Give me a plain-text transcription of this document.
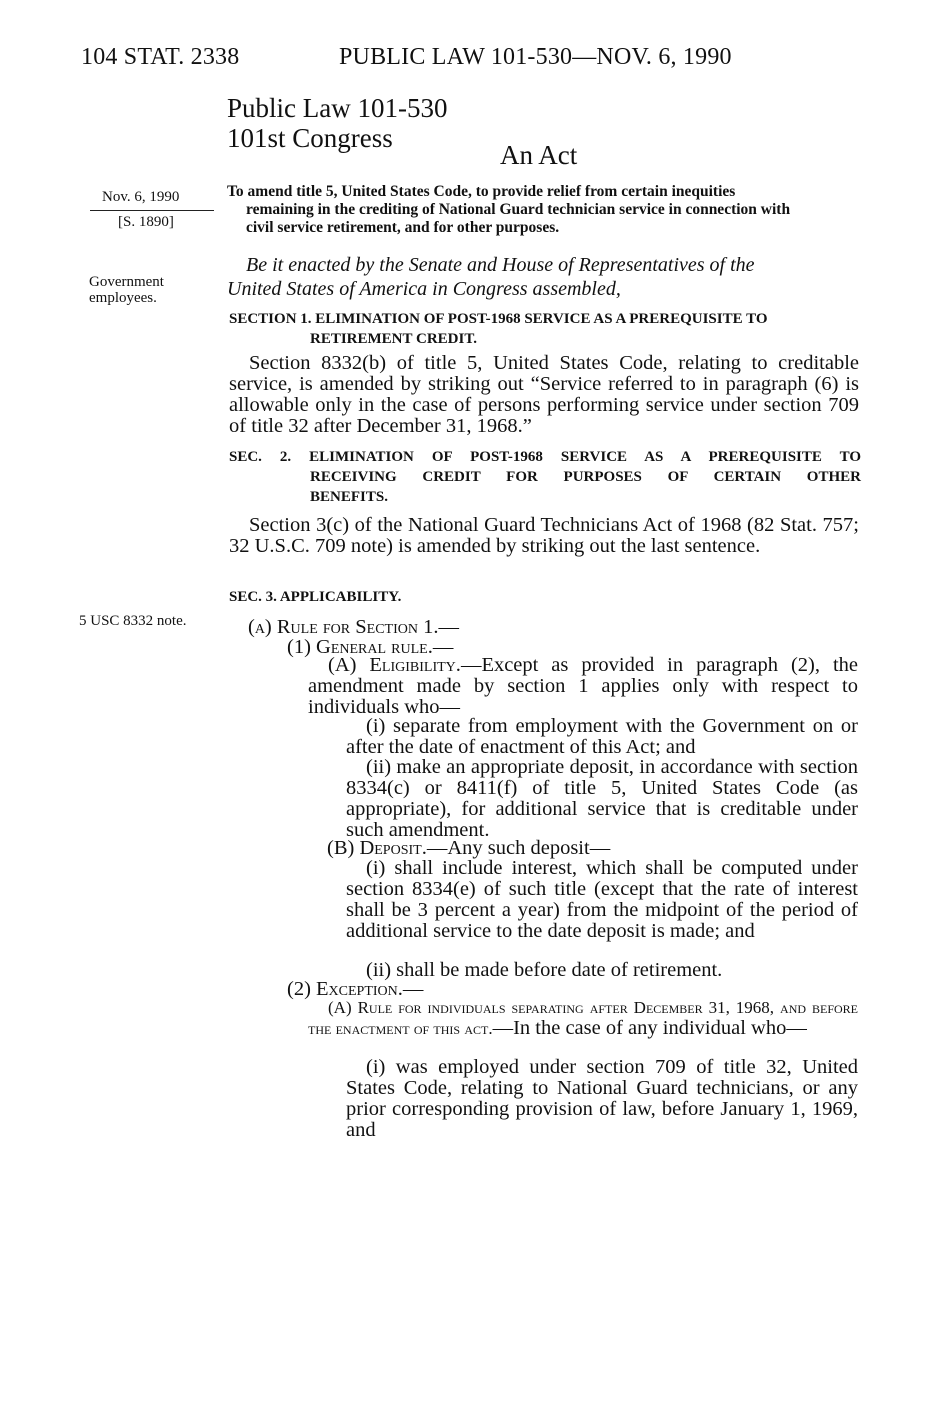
104 STAT. 2338	PUBLIC LAW 101-530—NOV. 6, 1990
Public Law 101-530
101st Congress
An Act
Nov. 6, 1990
[S. 1890]
Government
employees.
5 USC 8332 note.
To amend title 5, United States Code, to provide relief from certain inequities
remaining in the crediting of National Guard technician service in connection with
civil service retirement, and for other purposes.
Be it enacted by the Senate and House of Representatives of the
United States of America in Congress assembled,
SECTION 1. ELIMINATION OF POST-1968 SERVICE AS A PREREQUISITE TO
RETIREMENT CREDIT.
Section 8332(b) of title 5, United States Code, relating to creditable service, is amended by striking out “Service referred to in paragraph (6) is allowable only in the case of persons performing service under section 709 of title 32 after December 31, 1968.”
SEC. 2. ELIMINATION OF POST-1968 SERVICE AS A PREREQUISITE TO
RECEIVING CREDIT FOR PURPOSES OF CERTAIN OTHER
BENEFITS.
Section 3(c) of the National Guard Technicians Act of 1968 (82 Stat. 757; 32 U.S.C. 709 note) is amended by striking out the last sentence.
SEC. 3. APPLICABILITY.
(a) Rule for Section 1.—
(1) General rule.—
(A) Eligibility.—Except as provided in paragraph (2), the amendment made by section 1 applies only with respect to individuals who—
(i) separate from employment with the Government on or after the date of enactment of this Act; and
(ii) make an appropriate deposit, in accordance with section 8334(c) or 8411(f) of title 5, United States Code (as appropriate), for additional service that is creditable under such amendment.
(B) Deposit.—Any such deposit—
(i) shall include interest, which shall be computed under section 8334(e) of such title (except that the rate of interest shall be 3 percent a year) from the midpoint of the period of additional service to the date deposit is made; and
(ii) shall be made before date of retirement.
(2) Exception.—
(A) Rule for individuals separating after December 31, 1968, and before the enactment of this act.—In the case of any individual who—
(i) was employed under section 709 of title 32, United States Code, relating to National Guard technicians, or any prior corresponding provision of law, before January 1, 1969, and
